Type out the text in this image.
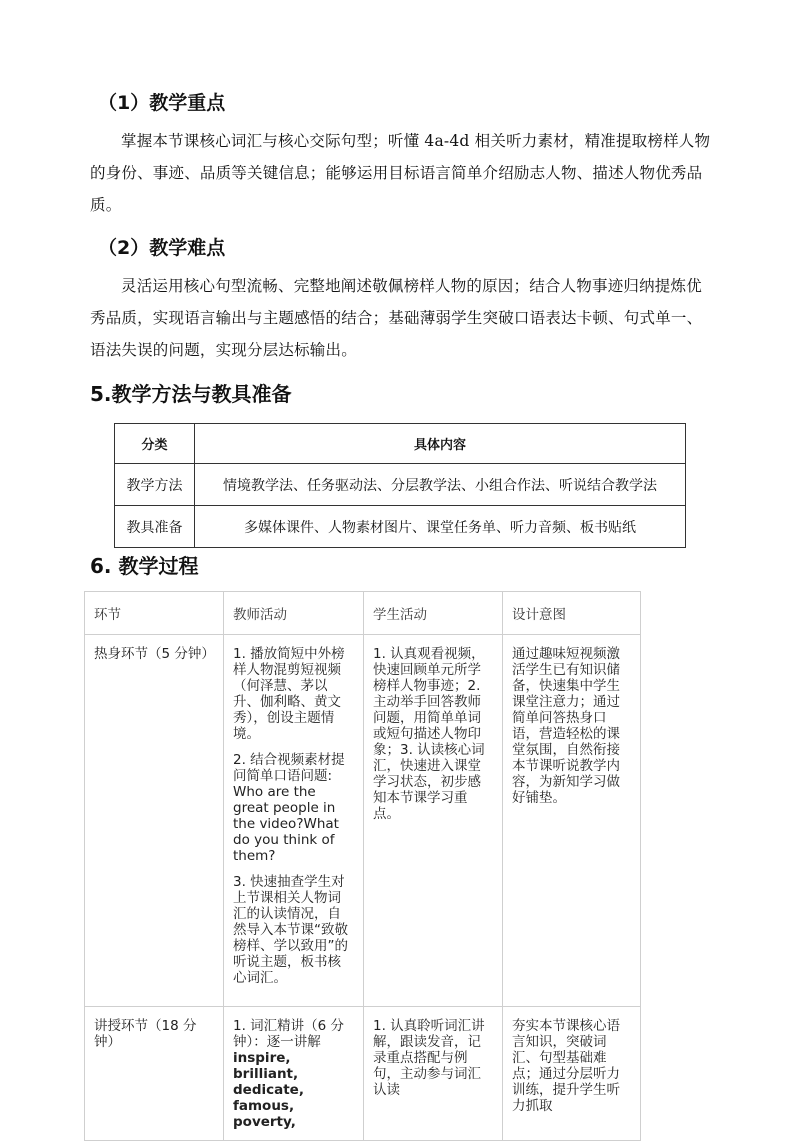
（1）教学重点
掌握本节课核心词汇与核心交际句型；听懂 4a-4d 相关听力素材，精准提取榜样人物的身份、事迹、品质等关键信息；能够运用目标语言简单介绍励志人物、描述人物优秀品质。
（2）教学难点
灵活运用核心句型流畅、完整地阐述敬佩榜样人物的原因；结合人物事迹归纳提炼优秀品质，实现语言输出与主题感悟的结合；基础薄弱学生突破口语表达卡顿、句式单一、语法失误的问题，实现分层达标输出。
5.教学方法与教具准备
分类	具体内容
教学方法	情境教学法、任务驱动法、分层教学法、小组合作法、听说结合教学法
教具准备	多媒体课件、人物素材图片、课堂任务单、听力音频、板书贴纸
6. 教学过程
环节	教师活动	学生活动	设计意图

热身环节（5 分钟）	1. 播放简短中外榜样人物混剪短视频（何泽慧、茅以升、伽利略、黄文秀），创设主题情境。

2. 结合视频素材提问简单口语问题: Who are the great people in the video?What do you think of them?

3. 快速抽查学生对上节课相关人物词汇的认读情况，自然导入本节课“致敬榜样、学以致用”的听说主题，板书核心词汇。	1. 认真观看视频，快速回顾单元所学榜样人物事迹；2. 主动举手回答教师问题，用简单单词或短句描述人物印象；3. 认读核心词汇，快速进入课堂学习状态，初步感知本节课学习重点。	通过趣味短视频激活学生已有知识储备，快速集中学生课堂注意力；通过简单问答热身口语，营造轻松的课堂氛围，自然衔接本节课听说教学内容，为新知学习做好铺垫。

讲授环节（18 分钟）	1. 词汇精讲（6 分钟）：逐一讲解
inspire, brilliant, dedicate, famous, poverty,	1. 认真聆听词汇讲解，跟读发音，记录重点搭配与例句，主动参与词汇认读	夯实本节课核心语言知识，突破词汇、句型基础难点；通过分层听力训练，提升学生听力抓取
